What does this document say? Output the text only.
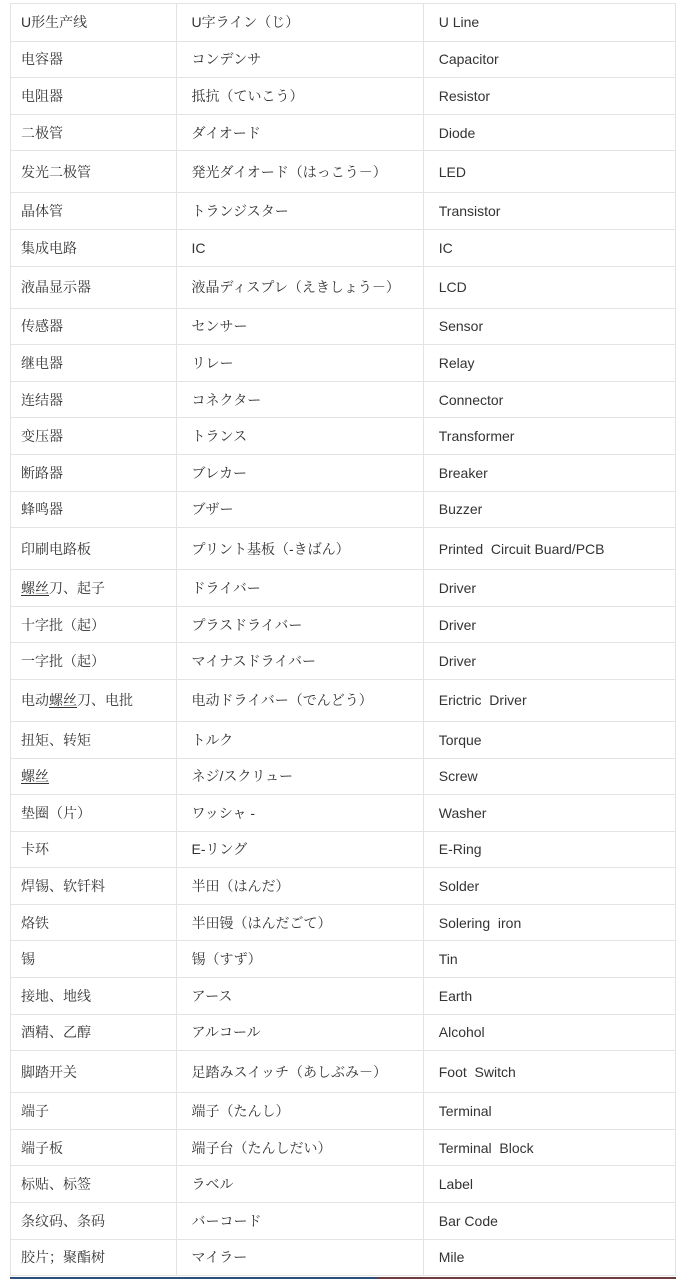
U形生产线	U字ライン（じ）	U Line
电容器	コンデンサ	Capacitor
电阻器	抵抗（ていこう）	Resistor
二极管	ダイオード	Diode
发光二极管	発光ダイオード（はっこう－）	LED
晶体管	トランジスター	Transistor
集成电路	IC	IC
液晶显示器	液晶ディスプレ（えきしょう－）	LCD
传感器	センサー	Sensor
继电器	リレー	Relay
连结器	コネクター	Connector
变压器	トランス	Transformer
断路器	ブレカー	Breaker
蜂鸣器	ブザー	Buzzer
印刷电路板	プリント基板（‐きばん）	Printed  Circuit Buard/PCB
螺丝 刀、起子	ドライバー	Driver
十字批（起）	プラスドライバー	Driver
一字批（起）	マイナスドライバー	Driver
电动 螺丝 刀、电批	电动ドライバー（でんどう）	Erictric  Driver
扭矩、转矩	トルク	Torque
螺丝	ネジ/スクリュー	Screw
垫圈（片）	ワッシャ -	Washer
卡环	E-リング	E-Ring
焊锡、软钎料	半田（はんだ）	Solder
烙铁	半田镘（はんだごて）	Solering  iron
锡	锡（すず）	Tin
接地、地线	アース	Earth
酒精、乙醇	アルコール	Alcohol
脚踏开关	足踏みスイッチ（あしぶみ－）	Foot  Switch
端子	端子（たんし）	Terminal
端子板	端子台（たんしだい）	Terminal  Block
标贴、标签	ラベル	Label
条纹码、条码	バーコード	Bar Code
胶片；聚酯树	マイラー	Mile
